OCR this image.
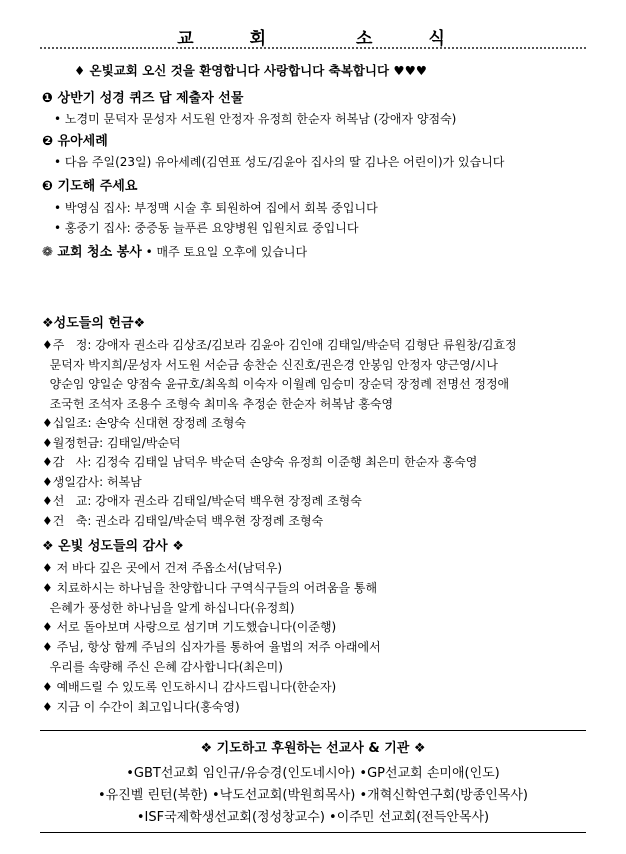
교	회	소	식
♦ 온빛교회 오신 것을 환영합니다 사랑합니다 축복합니다 ♥♥♥
❶ 상반기 성경 퀴즈 답 제출자 선물
• 노경미 문덕자 문성자 서도원 안정자 유정희 한순자 허복남 (강애자 양점숙)
❷ 유아세례
• 다음 주일(23일) 유아세례(김연표 성도/김윤아 집사의 딸 김나은 어린이)가 있습니다
❸ 기도해 주세요
• 박영심 집사: 부정맥 시술 후 퇴원하여 집에서 회복 중입니다
• 홍중기 집사: 중증동 늘푸른 요양병원 입원치료 중입니다
❁ 교회 청소 봉사 • 매주 토요일 오후에 있습니다
❖성도들의 헌금❖
♦주   정: 강애자 권소라 김상조/김보라 김윤아 김인애 김태일/박순덕 김형단 류원창/김효정
문덕자 박지희/문성자 서도원 서순금 송찬순 신진호/권은경 안봉임 안정자 양근영/시나
양순임 양일순 양점숙 윤규호/최옥희 이숙자 이월례 임승미 장순덕 장정례 전명선 정정애
조국헌 조석자 조용수 조형숙 최미옥 추정순 한순자 허복남 홍숙영
♦십일조: 손양숙 신대현 장정례 조형숙
♦월정헌금: 김태일/박순덕
♦감   사: 김정숙 김태일 남덕우 박순덕 손양숙 유정희 이준행 최은미 한순자 홍숙영
♦생일감사: 허복남
♦선   교: 강애자 권소라 김태일/박순덕 백우현 장정례 조형숙
♦건   축: 권소라 김태일/박순덕 백우현 장정례 조형숙
❖ 온빛 성도들의 감사 ❖
♦ 저 바다 깊은 곳에서 건져 주옵소서(남덕우)
♦ 치료하시는 하나님을 찬양합니다 구역식구들의 어려움을 통해
은혜가 풍성한 하나님을 알게 하십니다(유정희)
♦ 서로 돌아보며 사랑으로 섬기며 기도했습니다(이준행)
♦ 주님, 항상 함께 주님의 십자가를 통하여 율법의 저주 아래에서
우리를 속량해 주신 은혜 감사합니다(최은미)
♦ 예배드릴 수 있도록 인도하시니 감사드립니다(한순자)
♦ 지금 이 수간이 최고입니다(홍숙영)
❖ 기도하고 후원하는 선교사 & 기관 ❖
•GBT선교회 임인규/유승경(인도네시아) •GP선교회 손미애(인도)
•유진벨 린턴(북한) •낙도선교회(박원희목사) •개혁신학연구회(방종인목사)
•ISF국제학생선교회(정성창교수) •이주민 선교회(전득안목사)
